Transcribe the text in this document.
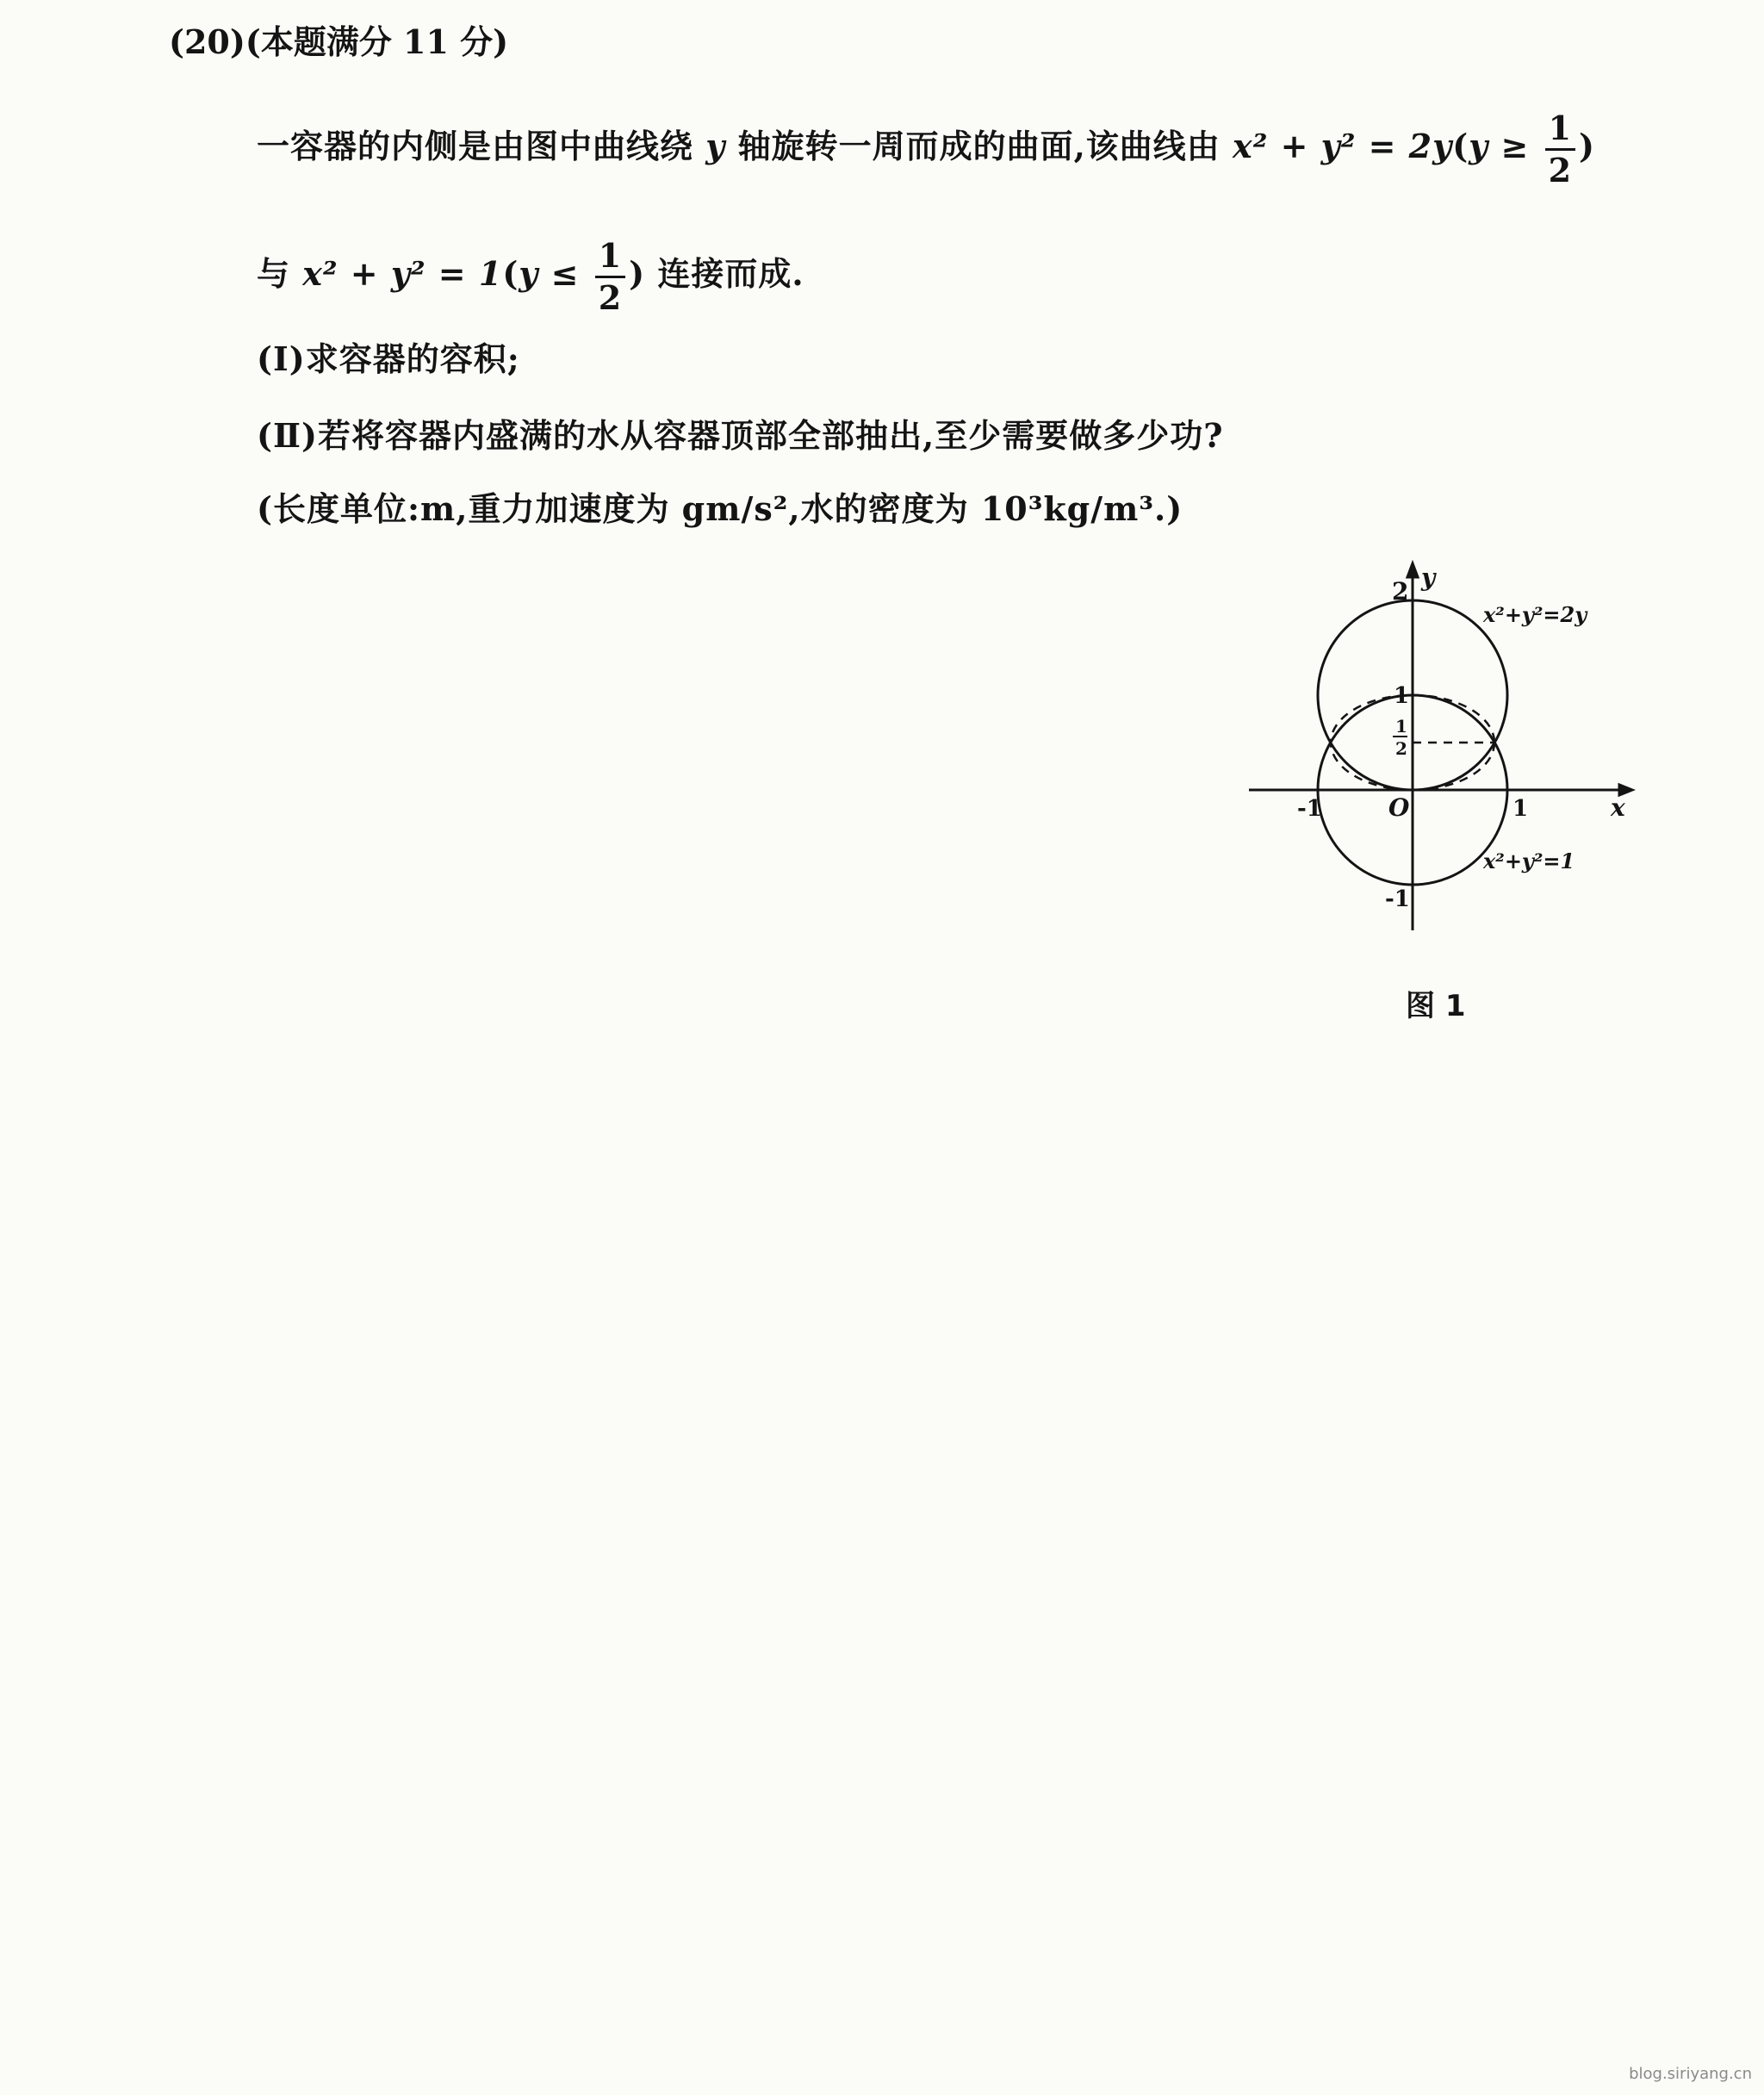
(20)(本题满分 11 分)
一容器的内侧是由图中曲线绕 y 轴旋转一周而成的曲面,该曲线由 $x^2 + y^2 = 2y(y \ge \frac{1}{2}$ )
与 $x^2 + y^2 = 1(y \le \frac{1}{2}$ ) 连接而成.
(Ⅰ)求容器的容积;
(Ⅱ)若将容器内盛满的水从容器顶部全部抽出,至少需要做多少功?
(长度单位:m,重力加速度为 gm/s²,水的密度为 10³kg/m³.)
2 y
1
1
2
-1	O	1	x
-1
x²+y²=2y
x²+y²=1
图 1
blog.siriyang.cn
